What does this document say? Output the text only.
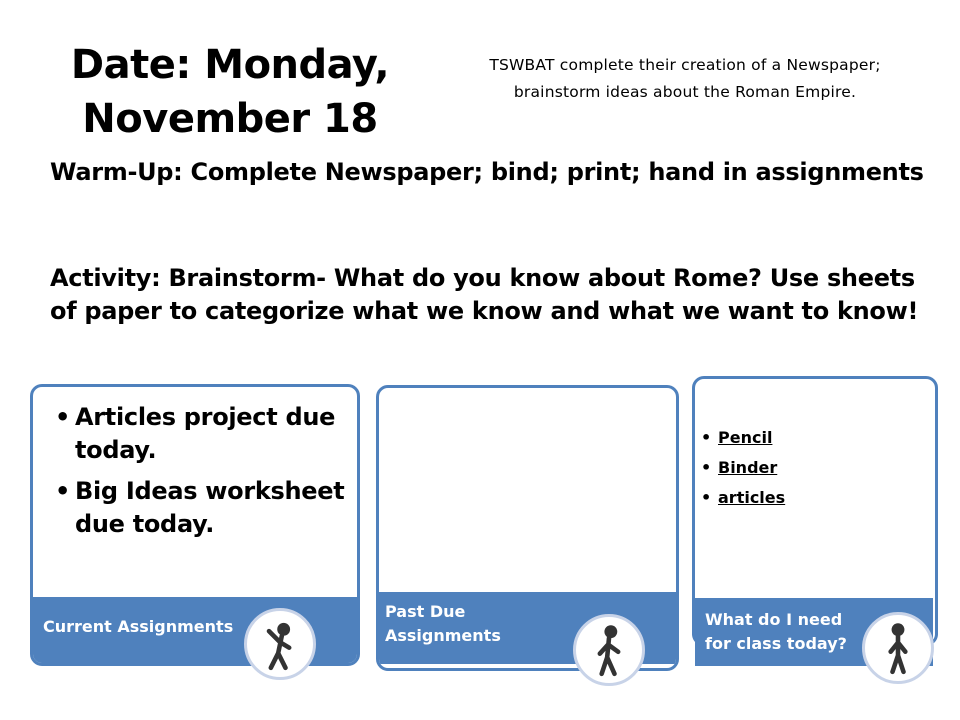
Date: Monday, November 18
TSWBAT complete their creation of a Newspaper; brainstorm ideas about the Roman Empire.
Warm-Up: Complete Newspaper; bind; print; hand in assignments
Activity: Brainstorm- What do you know about Rome? Use sheets of paper to categorize what we know and what we want to know!
• Articles project due today.
• Big Ideas worksheet due today.
Current Assignments
Past Due Assignments
• Pencil
• Binder
• articles
What do I need for class today?
